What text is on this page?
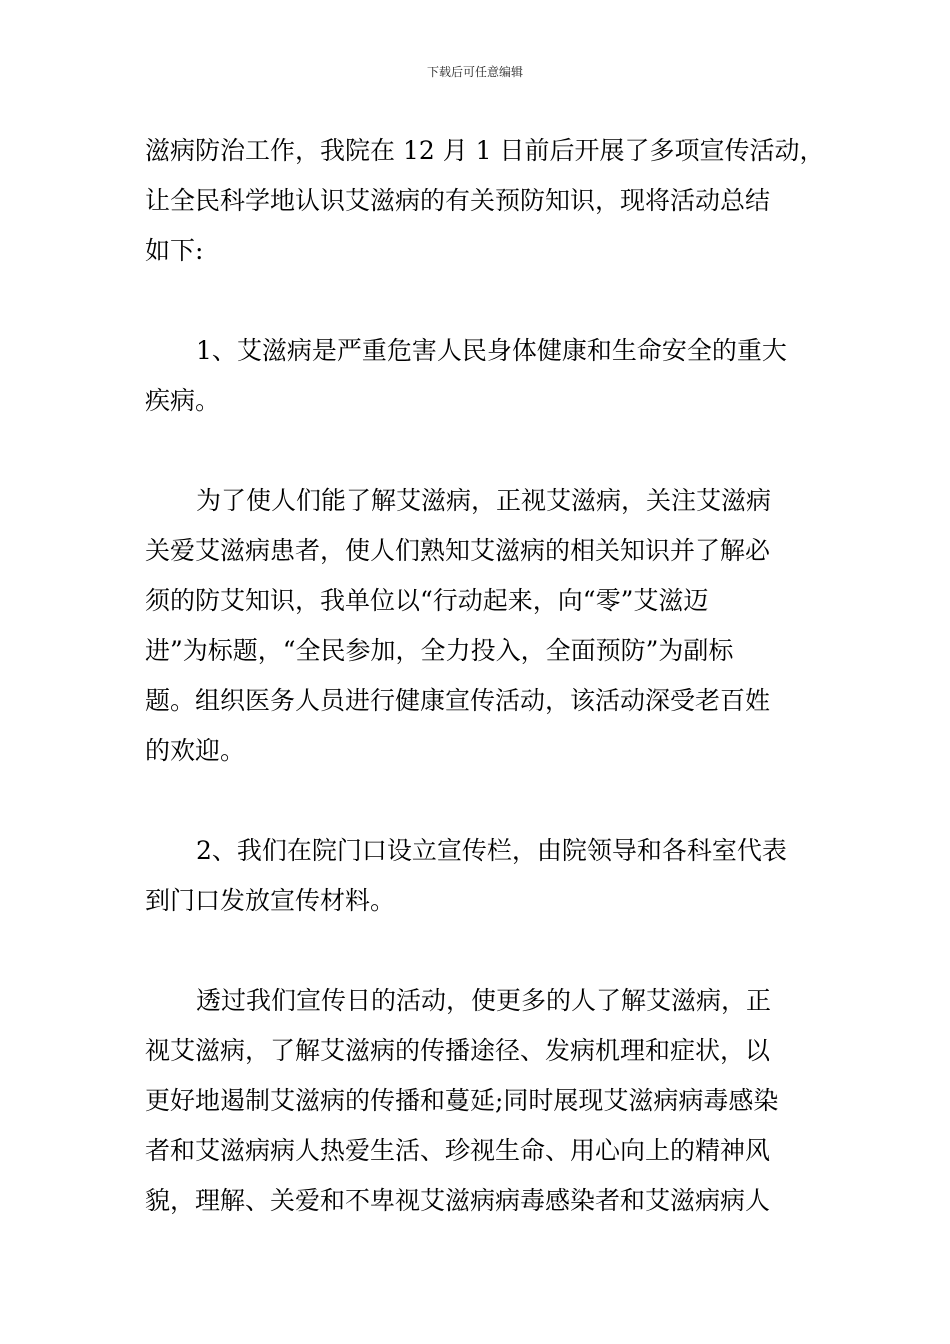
下载后可任意编辑
滋病防治工作，我院在 12 月 1 日前后开展了多项宣传活动，
让全民科学地认识艾滋病的有关预防知识，现将活动总结
如下:
1、艾滋病是严重危害人民身体健康和生命安全的重大
疾病。
为了使人们能了解艾滋病，正视艾滋病，关注艾滋病
关爱艾滋病患者，使人们熟知艾滋病的相关知识并了解必
须的防艾知识，我单位以“行动起来，向“零”艾滋迈
进”为标题，“全民参加，全力投入，全面预防”为副标
题。组织医务人员进行健康宣传活动，该活动深受老百姓
的欢迎。
2、我们在院门口设立宣传栏，由院领导和各科室代表
到门口发放宣传材料。
透过我们宣传日的活动，使更多的人了解艾滋病，正
视艾滋病，了解艾滋病的传播途径、发病机理和症状，以
更好地遏制艾滋病的传播和蔓延;同时展现艾滋病病毒感染
者和艾滋病病人热爱生活、珍视生命、用心向上的精神风
貌，理解、关爱和不卑视艾滋病病毒感染者和艾滋病病人
